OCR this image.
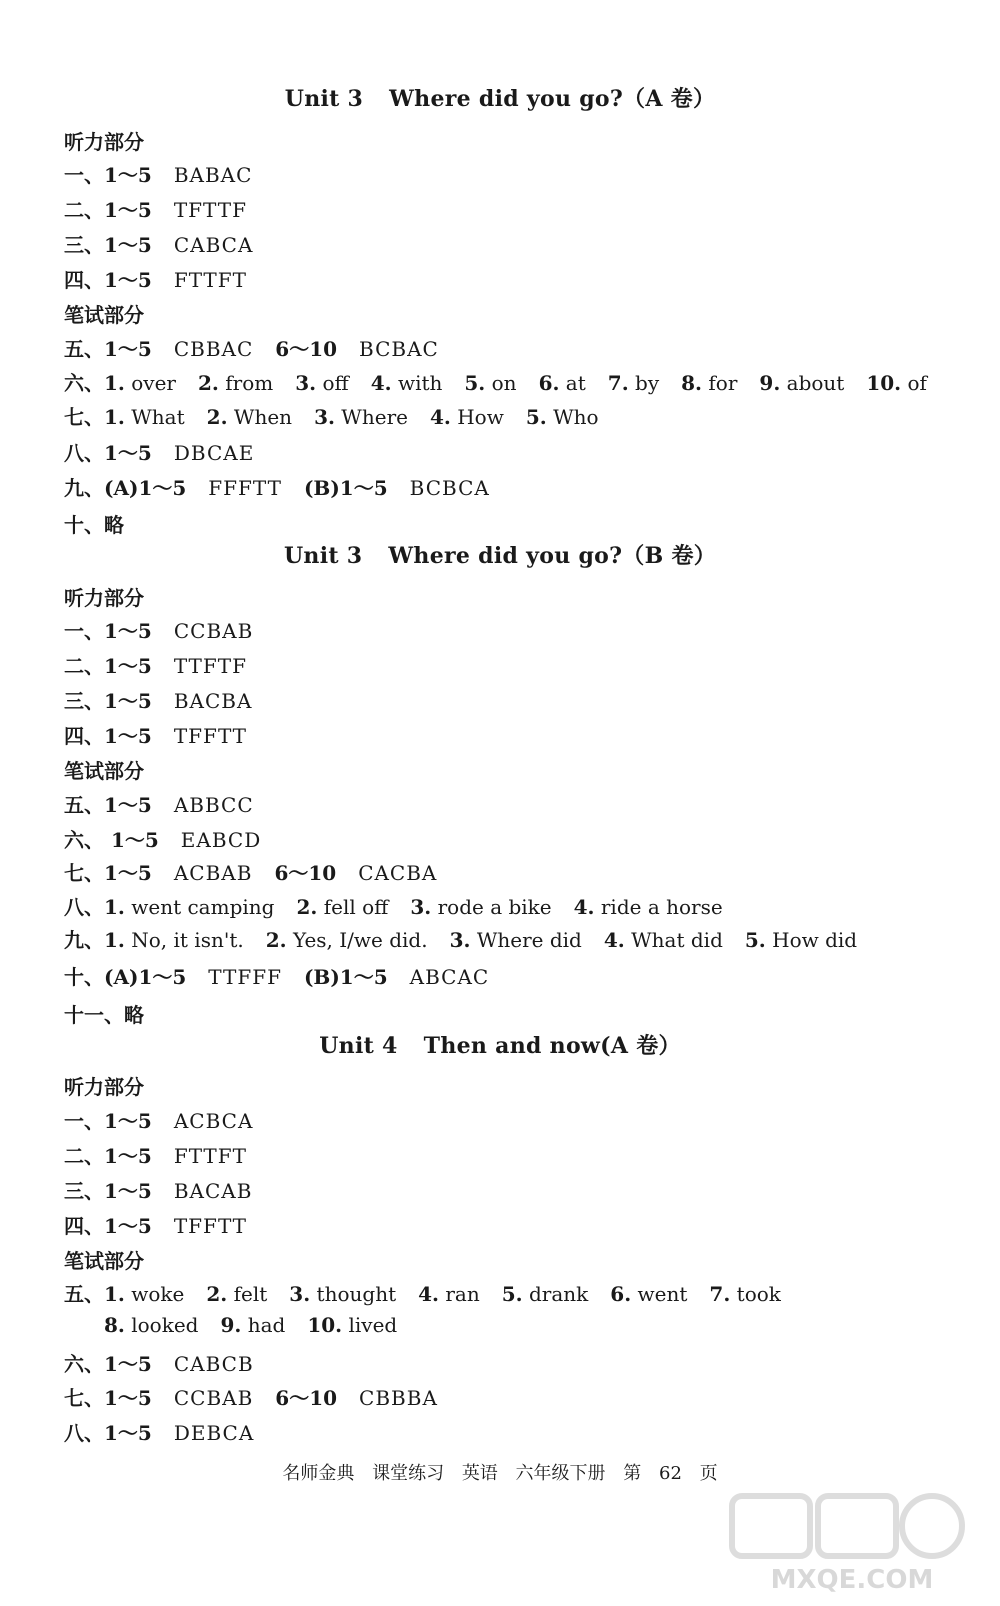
Unit 3 Where did you go?（A 卷）
听力部分
一、1～5 BABAC
二、1～5 TFTTF
三、1～5 CABCA
四、1～5 FTTFT
笔试部分
五、1～5 CBBAC 6～10 BCBAC
六、1. over 2. from 3. off 4. with 5. on 6. at 7. by 8. for 9. about 10. of
七、1. What 2. When 3. Where 4. How 5. Who
八、1～5 DBCAE
九、(A)1～5 FFFTT (B)1～5 BCBCA
十、略
Unit 3 Where did you go?（B 卷）
听力部分
一、1～5 CCBAB
二、1～5 TTFTF
三、1～5 BACBA
四、1～5 TFFTT
笔试部分
五、1～5 ABBCC
六、 1～5 EABCD
七、1～5 ACBAB 6～10 CACBA
八、1. went camping 2. fell off 3. rode a bike 4. ride a horse
九、1. No, it isn't. 2. Yes, I/we did. 3. Where did 4. What did 5. How did
十、(A)1～5 TTFFF (B)1～5 ABCAC
十一、略
Unit 4 Then and now(A 卷）
听力部分
一、1～5 ACBCA
二、1～5 FTTFT
三、1～5 BACAB
四、1～5 TFFTT
笔试部分
五、1. woke 2. felt 3. thought 4. ran 5. drank 6. went 7. took
8. looked 9. had 10. lived
六、1～5 CABCB
七、1～5 CCBAB 6～10 CBBBA
八、1～5 DEBCA
名师金典 课堂练习 英语 六年级下册 第 62 页
MXQE.COM
